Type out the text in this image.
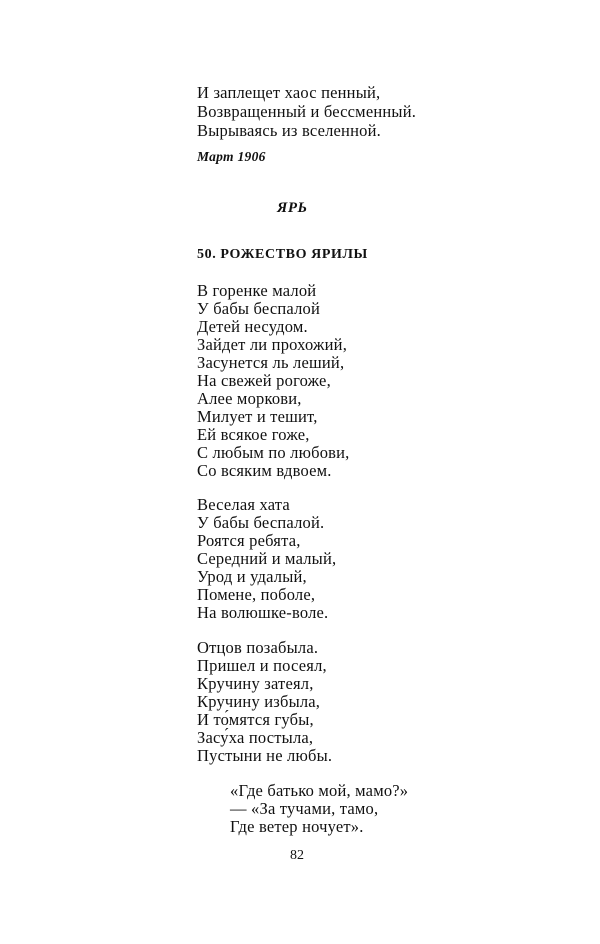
И заплещет хаос пенный,
Возвращенный и бессменный.
Вырываясь из вселенной.
Март 1906
ЯРЬ
50. РОЖЕСТВО ЯРИЛЫ
В горенке малой
У бабы беспалой
Детей несудом.
Зайдет ли прохожий,
Засунется ль леший,
На свежей рогоже,
Алее моркови,
Милует и тешит,
Ей всякое гоже,
С любым по любови,
Со всяким вдвоем.
Веселая хата
У бабы беспалой.
Роятся ребята,
Середний и малый,
Урод и удалый,
Помене, поболе,
На волюшке-воле.
Отцов позабыла.
Пришел и посеял,
Кручину затеял,
Кручину избыла,
И то́мятся губы,
Засу́ха постыла,
Пустыни не любы.
«Где батько мой, мамо?»
— «За тучами, тамо,
Где ветер ночует».
82
